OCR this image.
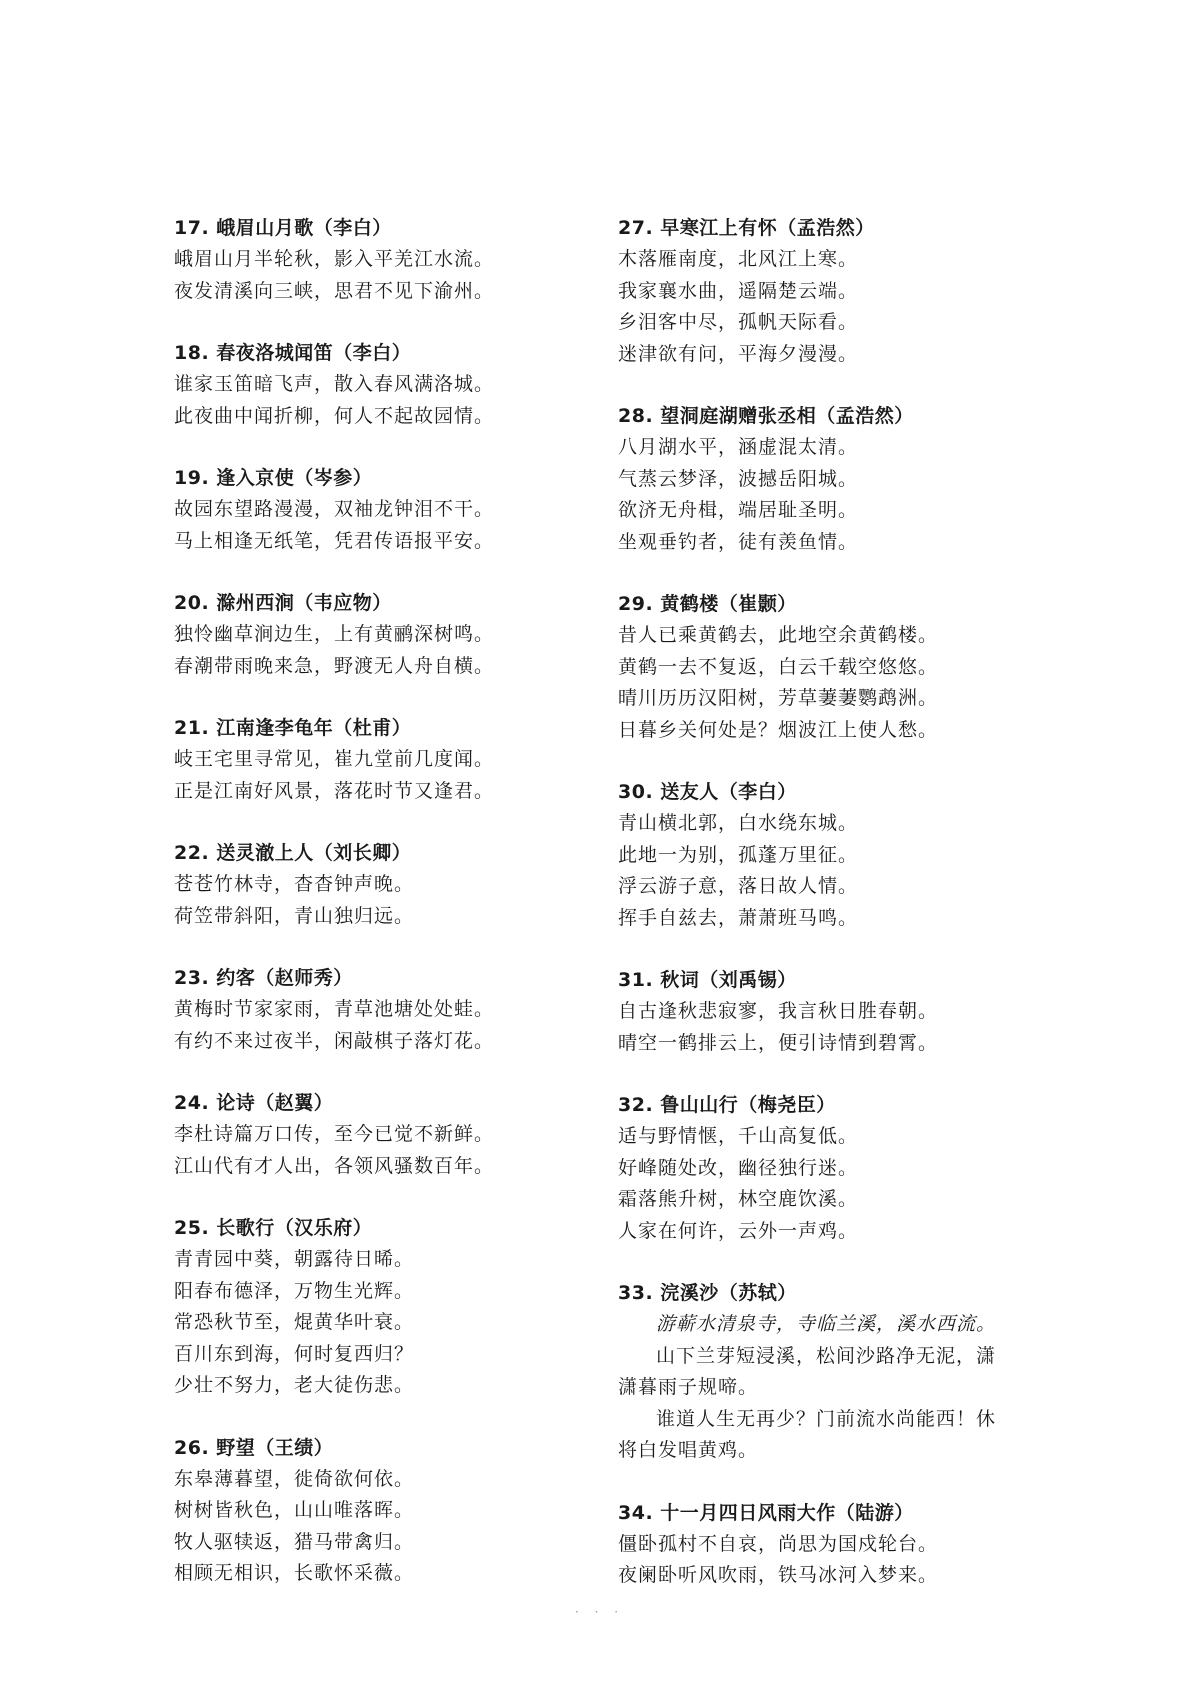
17. 峨眉山月歌（李白）
峨眉山月半轮秋，影入平羌江水流。
夜发清溪向三峡，思君不见下渝州。
18. 春夜洛城闻笛（李白）
谁家玉笛暗飞声，散入春风满洛城。
此夜曲中闻折柳，何人不起故园情。
19. 逢入京使（岑参）
故园东望路漫漫，双袖龙钟泪不干。
马上相逢无纸笔，凭君传语报平安。
20. 滁州西涧（韦应物）
独怜幽草涧边生，上有黄鹂深树鸣。
春潮带雨晚来急，野渡无人舟自横。
21. 江南逢李龟年（杜甫）
岐王宅里寻常见，崔九堂前几度闻。
正是江南好风景，落花时节又逢君。
22. 送灵澈上人（刘长卿）
苍苍竹林寺，杳杳钟声晚。
荷笠带斜阳，青山独归远。
23. 约客（赵师秀）
黄梅时节家家雨，青草池塘处处蛙。
有约不来过夜半，闲敲棋子落灯花。
24. 论诗（赵翼）
李杜诗篇万口传，至今已觉不新鲜。
江山代有才人出，各领风骚数百年。
25. 长歌行（汉乐府）
青青园中葵，朝露待日晞。
阳春布德泽，万物生光辉。
常恐秋节至，焜黄华叶衰。
百川东到海，何时复西归？
少壮不努力，老大徒伤悲。
26. 野望（王绩）
东皋薄暮望，徙倚欲何依。
树树皆秋色，山山唯落晖。
牧人驱犊返，猎马带禽归。
相顾无相识，长歌怀采薇。
27. 早寒江上有怀（孟浩然）
木落雁南度，北风江上寒。
我家襄水曲，遥隔楚云端。
乡泪客中尽，孤帆天际看。
迷津欲有问，平海夕漫漫。
28. 望洞庭湖赠张丞相（孟浩然）
八月湖水平，涵虚混太清。
气蒸云梦泽，波撼岳阳城。
欲济无舟楫，端居耻圣明。
坐观垂钓者，徒有羡鱼情。
29. 黄鹤楼（崔颢）
昔人已乘黄鹤去，此地空余黄鹤楼。
黄鹤一去不复返，白云千载空悠悠。
晴川历历汉阳树，芳草萋萋鹦鹉洲。
日暮乡关何处是？烟波江上使人愁。
30. 送友人（李白）
青山横北郭，白水绕东城。
此地一为别，孤蓬万里征。
浮云游子意，落日故人情。
挥手自兹去，萧萧班马鸣。
31. 秋词（刘禹锡）
自古逢秋悲寂寥，我言秋日胜春朝。
晴空一鹤排云上，便引诗情到碧霄。
32. 鲁山山行（梅尧臣）
适与野情惬，千山高复低。
好峰随处改，幽径独行迷。
霜落熊升树，林空鹿饮溪。
人家在何许，云外一声鸡。
33. 浣溪沙（苏轼）
游蕲水清泉寺，寺临兰溪，溪水西流。
山下兰芽短浸溪，松间沙路净无泥，潇
潇暮雨子规啼。
谁道人生无再少？门前流水尚能西！休
将白发唱黄鸡。
34. 十一月四日风雨大作（陆游）
僵卧孤村不自哀，尚思为国戍轮台。
夜阑卧听风吹雨，铁马冰河入梦来。
· · ·
